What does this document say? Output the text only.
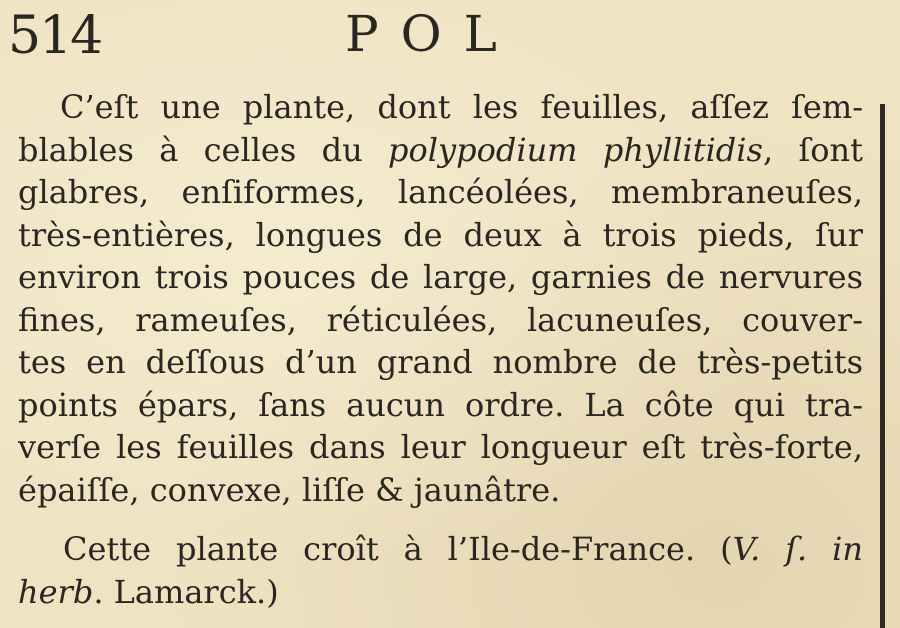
514	POL
C’eſt une plante, dont les feuilles, aſſez ſem-
blables à celles du polypodium phyllitidis, ſont
glabres, enſiformes, lancéolées, membraneuſes,
très-entières, longues de deux à trois pieds, ſur
environ trois pouces de large, garnies de nervures
fines, rameuſes, réticulées, lacuneuſes, couver-
tes en deſſous d’un grand nombre de très-petits
points épars, ſans aucun ordre. La côte qui tra-
verſe les feuilles dans leur longueur eſt très-forte,
épaiſſe, convexe, liſſe & jaunâtre.
Cette plante croît à l’Ile-de-France. (V. ſ. in
herb. Lamarck.)
